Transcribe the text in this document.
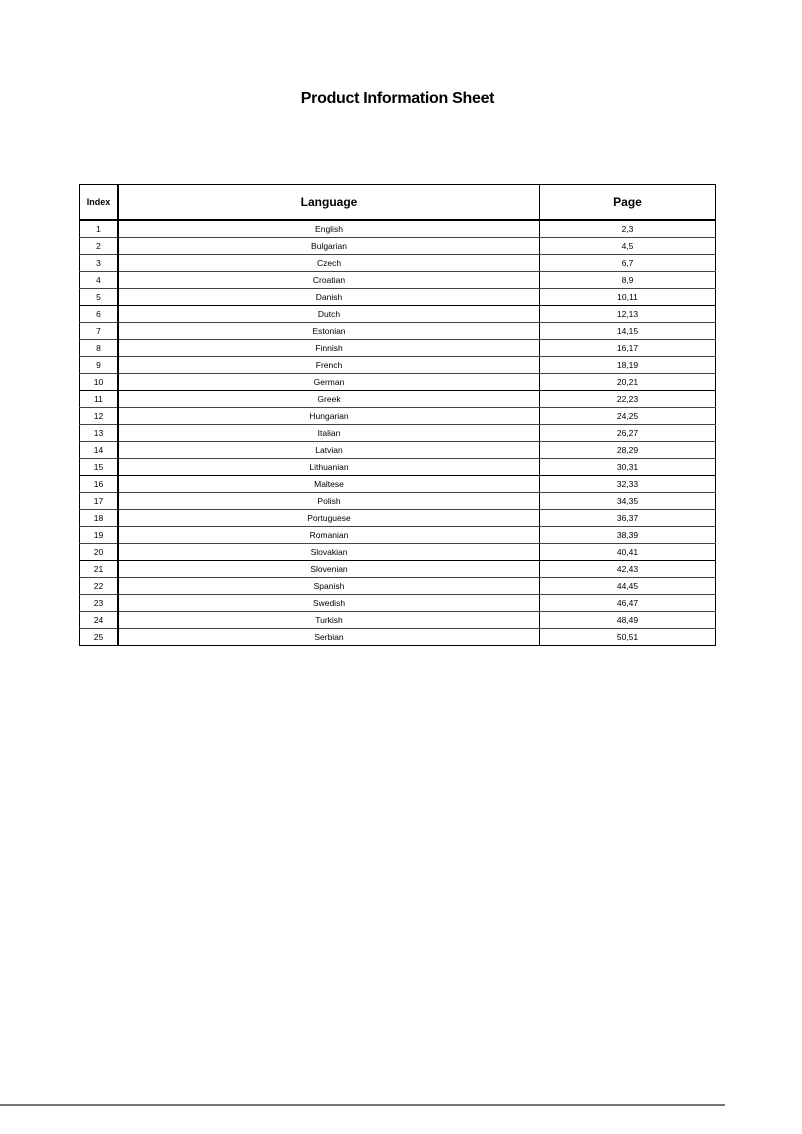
Product Information Sheet
Index	Language	Page
1	English	2,3
2	Bulgarian	4,5
3	Czech	6,7
4	Croatian	8,9
5	Danish	10,11
6	Dutch	12,13
7	Estonian	14,15
8	Finnish	16,17
9	French	18,19
10	German	20,21
11	Greek	22,23
12	Hungarian	24,25
13	Italian	26,27
14	Latvian	28,29
15	Lithuanian	30,31
16	Maltese	32,33
17	Polish	34,35
18	Portuguese	36,37
19	Romanian	38,39
20	Slovakian	40,41
21	Slovenian	42,43
22	Spanish	44,45
23	Swedish	46,47
24	Turkish	48,49
25	Serbian	50,51
